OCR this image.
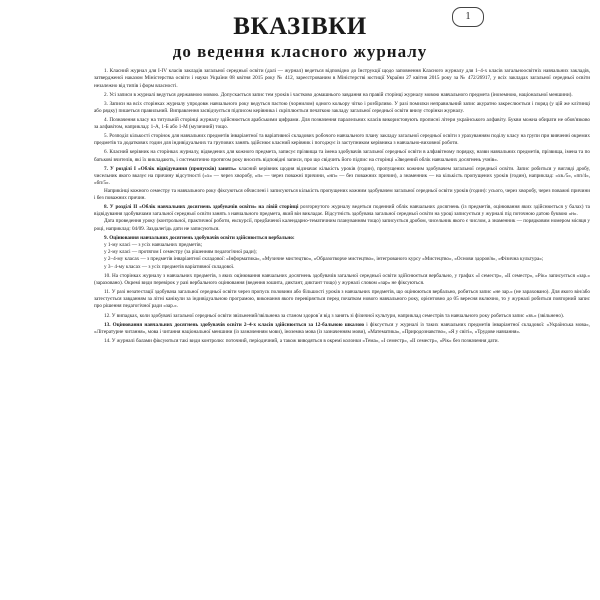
1
ВКАЗІВКИ
до ведення класного журналу

1. Класний журнал для I-IV класів закладів загальної середньої освіти (далі — журнал) ведеться відповідно до Інструкції щодо заповнення Класного журналу для 1–4-х класів загальноосвітніх навчальних закладів, затвердженої наказом Міністерства освіти і науки України 08 квітня 2015 року № 412, зареєстрованим в Міністерстві юстиції України 27 квітня 2015 року за № 472/26917, у всіх закладах загальної середньої освіти незалежно від типів і форм власності.

2. Усі записи в журналі ведуться державною мовою. Допускається запис тем уроків і частково домашнього завдання на правій сторінці журналу мовою навчального предмета (іноземною, національної меншини).

3. Записи на всіх сторінках журналу упродовж навчального року ведуться пастою (чорнилом) одного кольору чітко і розбірливо. У разі помилки неправильний запис акуратно закреслюється і поряд (у цій же клітинці або рядку) пишеться правильний. Виправлення засвідчується підписом керівника і скріплюється печаткою закладу загальної середньої освіти внизу сторінки журналу.

4. Позначення класу на титульній сторінці журналу здійснюється арабськими цифрами. Для позначення паралельних класів використовують прописні літери українського алфавіту. Букви можна обирати не обов'язково за алфавітом, наприклад: 1-А, 1-Б або 1-М (музичний) тощо.

5. Розподіл кількості сторінок для навчальних предметів інваріантної та варіативної складових робочого навчального плану закладу загальної середньої освіти з урахуванням поділу класу на групи при вивченні окремих предметів та додаткових годин для індивідуальних та групових занять здійснює класний керівник і погоджує із заступником керівника з навчально-виховної роботи.

6. Класний керівник на сторінках журналу, відведених для кожного предмета, записує прізвища та імена здобувачів загальної середньої освіти в алфавітному порядку, назви навчальних предметів, прізвища, імена та по батькові вчителів, які їх викладають, і систематично протягом року вносить відповідні записи, про що свідчить його підпис на сторінці «Зведений облік навчальних досягнень учнів».

7. У розділі I «Облік відвідування (пропусків) занять» класний керівник щодня відзначає кількість уроків (годин), пропущених кожним здобувачем загальної середньої освіти. Запис робиться у вигляді дробу, чисельник якого вказує на причину відсутності («х» — через хворобу, «п» — через поважні причини, «нп» — без поважних причин), а знаменник — на кількість пропущених уроків (годин), наприклад: «хв./5», «пп/4», «бп/5».

Наприкінці кожного семестру та навчального року фіксуються обчислені і записуються кількість пропущених кожним здобувачем загальної середньої освіти уроків (годин): усього, через хворобу, через поважні причини і без поважних причин.

8. У розділі II «Облік навчальних досягнень здобувачів освіти» на лівій сторінці розгорнутого журналу ведеться поденний облік навчальних досягнень (із предметів, оцінювання яких здійснюється у балах) та відвідування здобувачами загальної середньої освіти занять з навчального предмета, який він викладає. Відсутність здобувача загальної середньої освіти на уроці записується у журналі під поточною датою буквою «н».

Дата проведення уроку (контрольної, практичної роботи, екскурсії, предбаченої календарно-тематичним плануванням тощо) записується дробом, чисельник якого є числом, а знаменник — порядковим номером місяця у році, наприклад: 04/09. Заздалегідь дати не записуються.

9. Оцінювання навчальних досягнень здобувачів освіти здійснюється вербально:

у 1-му класі — з усіх навчальних предметів;

у 2-му класі — протягом I семестру (за рішенням педагогічної ради);

у 2–4-му класах — з предметів інваріантної складової: «Інформатика», «Музичне мистецтво», «Образотворче мистецтво», інтегрованого курсу «Мистецтво», «Основи здоров'я», «Фізична культура»;

у 3– 4-му класах — з усіх предметів варіативної складової.

10. На сторінках журналу з навчальних предметів, з яких оцінювання навчальних досягнень здобувачів загальної середньої освіти здійснюється вербально, у графах «I семестр», «II семестр», «Рік» записується «зар.» (зараховано). Окремі види перевірок у разі вербального оцінювання (ведення зошита, диктант, диктант тощо) у журналі словом «зар» не фіксуються.

11. У разі незатестації здобувача загальної середньої освіти через пропуск половини або більшості уроків з навчальних предметів, що оцінюються вербально, робиться запис «не зар.» (не зараховано). Для якого він/або затестується завданням за літні канікули за індивідуальною програмою, виконання якого перевіряється перед початком нового навчального року, орієнтовно до 05 вересня включно, то у журналі робиться повторний запис про рішення педагогічної ради «зар.».

12. У випадках, коли здобувачі загальної середньої освіти звільнений/звільнена за станом здоров`я від з занять зі фізичної культури, наприклад семестрів та навчального року робиться запис «зв.» (звільнено).

13. Оцінювання навчальних досягнень здобувачів освіти 2–4-х класів здійснюється за 12-бальною шкалою і фіксується у журналі із таких навчальних предметів інваріантної складової: «Українська мова», «Літературне читання», мова і читання національної меншини (із зазначенням мови), іноземна мова (із зазначенням мови), «Математика», «Природознавство», «Я у світі», «Трудове навчання».

14. У журналі балами фіксуються такі види контролю: поточний, періодичний, а також виводяться в окремі колонки «Тема», «I семестр», «II семестр», «Рік» без позначення дати.
